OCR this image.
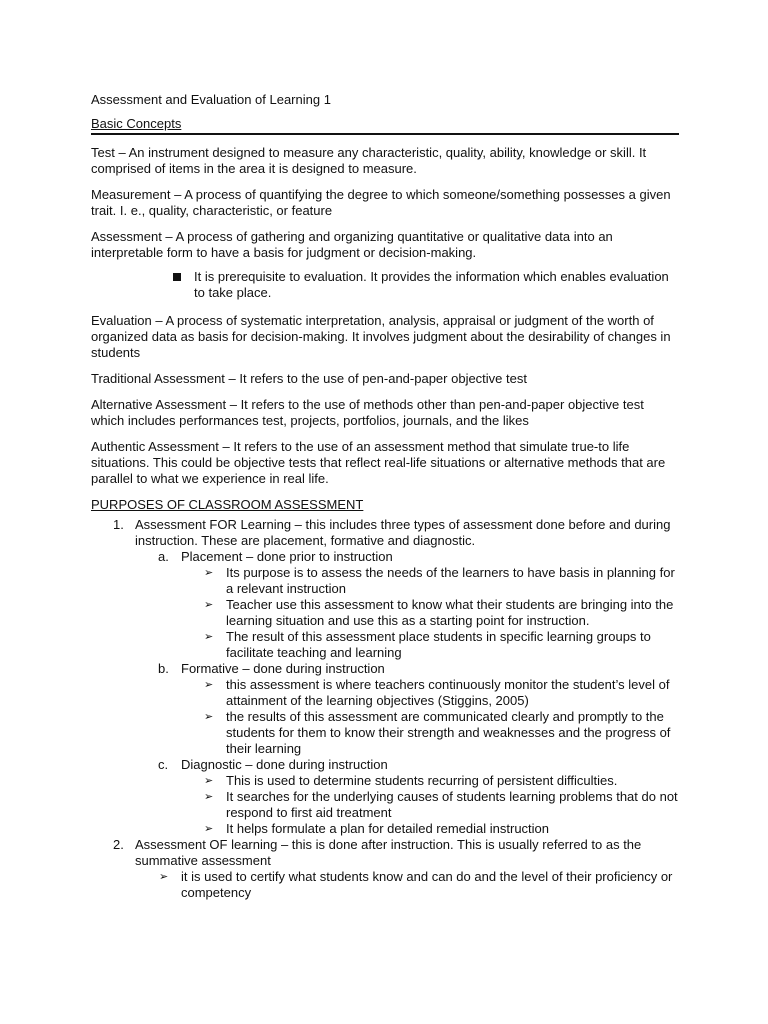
Assessment and Evaluation of Learning 1
Basic Concepts

Test – An instrument designed to measure any characteristic, quality, ability, knowledge or skill. It comprised of items in the area it is designed to measure.

Measurement – A process of quantifying the degree to which someone/something possesses a given trait. I. e., quality, characteristic, or feature

Assessment – A process of gathering and organizing quantitative or qualitative data into an interpretable form to have a basis for judgment or decision-making.

It is prerequisite to evaluation. It provides the information which enables evaluation to take place.

Evaluation – A process of systematic interpretation, analysis, appraisal or judgment of the worth of organized data as basis for decision-making. It involves judgment about the desirability of changes in students

Traditional Assessment – It refers to the use of pen-and-paper objective test

Alternative Assessment – It refers to the use of methods other than pen-and-paper objective test which includes performances test, projects, portfolios, journals, and the likes

Authentic Assessment – It refers to the use of an assessment method that simulate true-to life situations. This could be objective tests that reflect real-life situations or alternative methods that are parallel to what we experience in real life.

PURPOSES OF CLASSROOM ASSESSMENT
1. Assessment FOR Learning – this includes three types of assessment done before and during instruction. These are placement, formative and diagnostic.
a. Placement – done prior to instruction
➢ Its purpose is to assess the needs of the learners to have basis in planning for a relevant instruction
➢ Teacher use this assessment to know what their students are bringing into the learning situation and use this as a starting point for instruction.
➢ The result of this assessment place students in specific learning groups to facilitate teaching and learning
b. Formative – done during instruction
➢ this assessment is where teachers continuously monitor the student’s level of attainment of the learning objectives (Stiggins, 2005)
➢ the results of this assessment are communicated clearly and promptly to the students for them to know their strength and weaknesses and the progress of their learning
c. Diagnostic – done during instruction
➢ This is used to determine students recurring of persistent difficulties.
➢ It searches for the underlying causes of students learning problems that do not respond to first aid treatment
➢ It helps formulate a plan for detailed remedial instruction
2. Assessment OF learning – this is done after instruction. This is usually referred to as the summative assessment
➢ it is used to certify what students know and can do and the level of their proficiency or competency
